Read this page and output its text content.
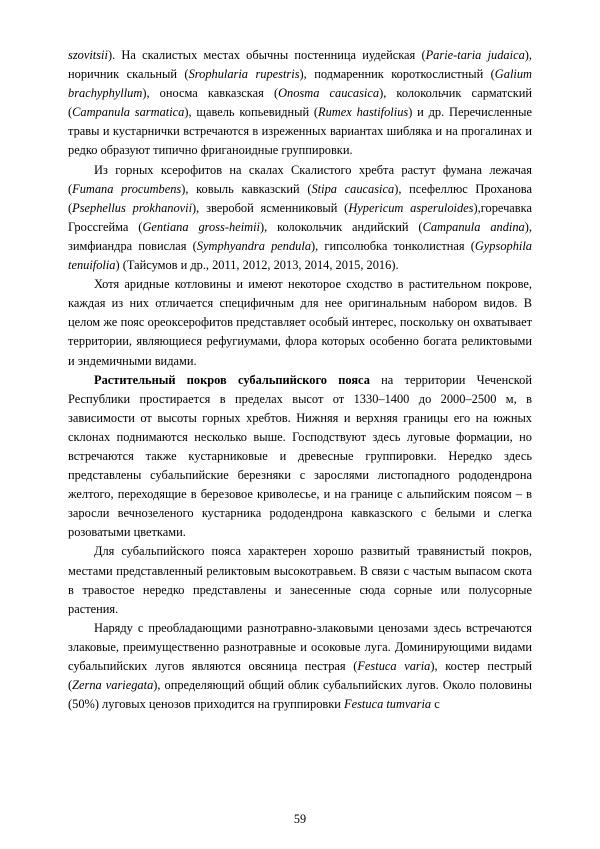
szovitsii). На скалистых местах обычны постенница иудейская (Parie-taria judaica), норичник скальный (Srophularia rupestris), подмаренник короткослистный (Galium brachyphyllum), оносма кавказская (Onosma caucasica), колокольчик сарматский (Campanula sarmatica), щавель копьевидный (Rumex hastifolius) и др. Перечисленные травы и кустарнички встречаются в изреженных вариантах шибляка и на прогалинах и редко образуют типично фриганоидные группировки.

Из горных ксерофитов на скалах Скалистого хребта растут фумана лежачая (Fumana procumbens), ковыль кавказский (Stipa caucasica), псефеллюс Проханова (Psephellus prokhanovii), зверобой ясменниковый (Hypericum asperuloides),горечавка Гроссгейма (Gentiana gross-heimii), колокольчик андийский (Campanula andina), зимфиандра повислая (Symphyandra pendula), гипсолюбка тонколистная (Gypsophila tenuifolia) (Тайсумов и др., 2011, 2012, 2013, 2014, 2015, 2016).

Хотя аридные котловины и имеют некоторое сходство в растительном покрове, каждая из них отличается специфичным для нее оригинальным набором видов. В целом же пояс ореоксерофитов представляет особый интерес, поскольку он охватывает территории, являющиеся рефугиумами, флора которых особенно богата реликтовыми и эндемичными видами.

Растительный покров субальпийского пояса на территории Чеченской Республики простирается в пределах высот от 1330–1400 до 2000–2500 м, в зависимости от высоты горных хребтов. Нижняя и верхняя границы его на южных склонах поднимаются несколько выше. Господствуют здесь луговые формации, но встречаются также кустарниковые и древесные группировки. Нередко здесь представлены субальпийские березняки с зарослями листопадного рододендрона желтого, переходящие в березовое криволесье, и на границе с альпийским поясом – в заросли вечнозеленого кустарника рододендрона кавказского с белыми и слегка розоватыми цветками.

Для субальпийского пояса характерен хорошо развитый травянистый покров, местами представленный реликтовым высокотравьем. В связи с частым выпасом скота в травостое нередко представлены и занесенные сюда сорные или полусорные растения.

Наряду с преобладающими разнотравно-злаковыми ценозами здесь встречаются злаковые, преимущественно разнотравные и осоковые луга. Доминирующими видами субальпийских лугов являются овсяница пестрая (Festuca varia), костер пестрый (Zerna variegata), определяющий общий облик субальпийских лугов. Около половины (50%) луговых ценозов приходится на группировки Festuca tumvaria с

59
